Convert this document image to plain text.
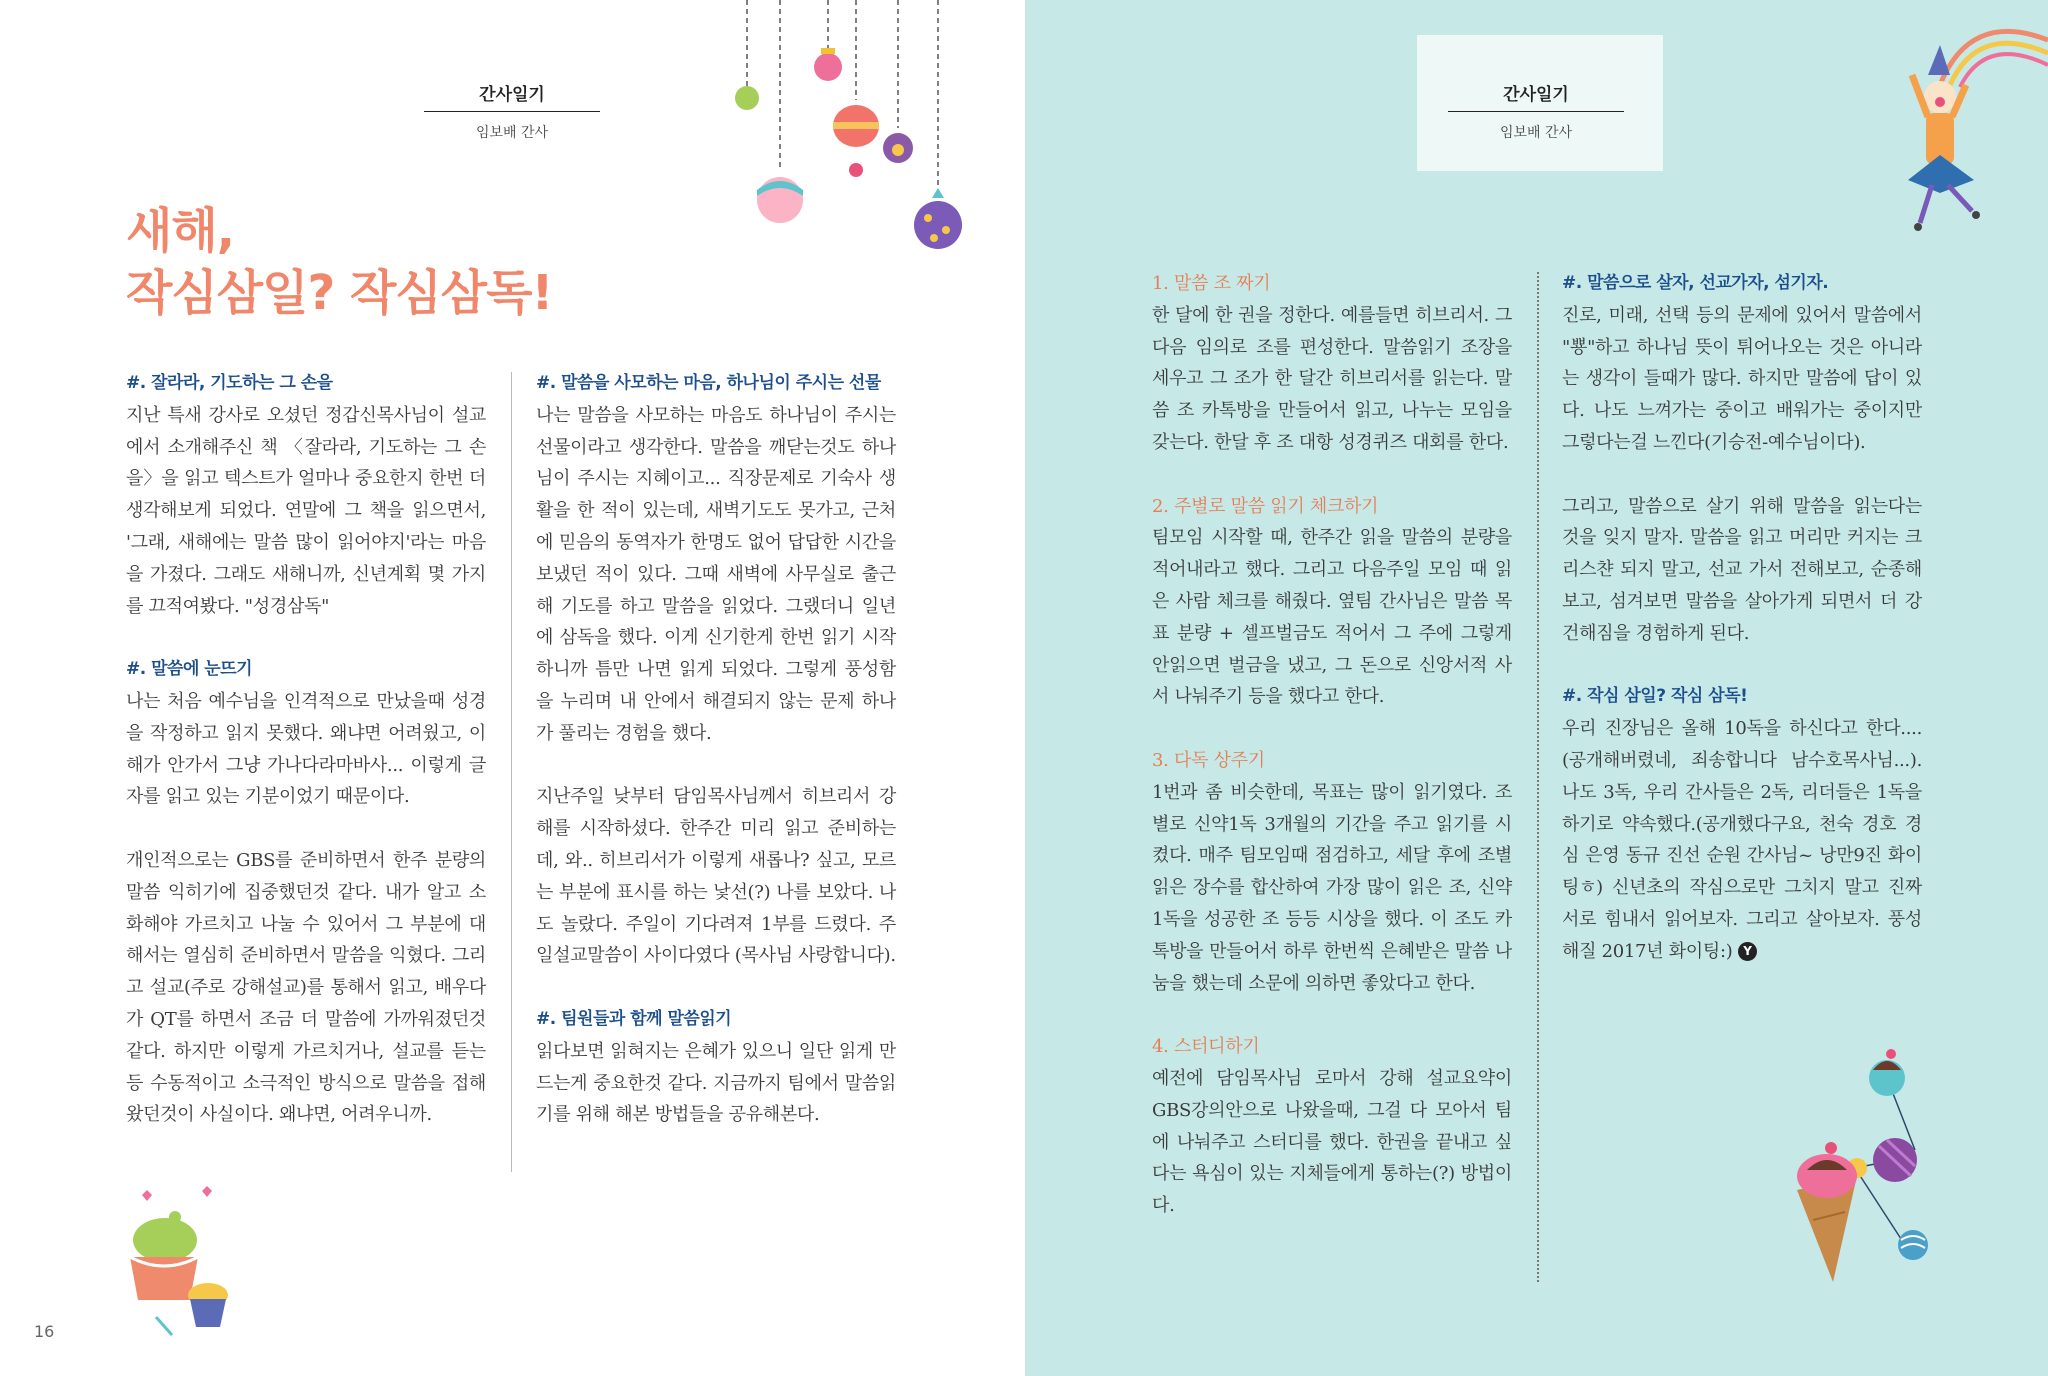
간사일기
임보배 간사
새해,
작심삼일? 작심삼독!
#. 잘라라, 기도하는 그 손을

지난 특새 강사로 오셨던 정갑신목사님이 설교에서 소개해주신 책 〈잘라라, 기도하는 그 손을〉을 읽고 텍스트가 얼마나 중요한지 한번 더 생각해보게 되었다. 연말에 그 책을 읽으면서, '그래, 새해에는 말씀 많이 읽어야지'라는 마음을 가졌다. 그래도 새해니까, 신년계획 몇 가지를 끄적여봤다. "성경삼독"

#. 말씀에 눈뜨기

나는 처음 예수님을 인격적으로 만났을때 성경을 작정하고 읽지 못했다. 왜냐면 어려웠고, 이해가 안가서 그냥 가나다라마바사... 이렇게 글자를 읽고 있는 기분이었기 때문이다.

개인적으로는 GBS를 준비하면서 한주 분량의 말씀 익히기에 집중했던것 같다. 내가 알고 소화해야 가르치고 나눌 수 있어서 그 부분에 대해서는 열심히 준비하면서 말씀을 익혔다. 그리고 설교(주로 강해설교)를 통해서 읽고, 배우다가 QT를 하면서 조금 더 말씀에 가까워졌던것 같다. 하지만 이렇게 가르치거나, 설교를 듣는 등 수동적이고 소극적인 방식으로 말씀을 접해왔던것이 사실이다. 왜냐면, 어려우니까.

#. 말씀을 사모하는 마음, 하나님이 주시는 선물

나는 말씀을 사모하는 마음도 하나님이 주시는 선물이라고 생각한다. 말씀을 깨닫는것도 하나님이 주시는 지혜이고... 직장문제로 기숙사 생활을 한 적이 있는데, 새벽기도도 못가고, 근처에 믿음의 동역자가 한명도 없어 답답한 시간을 보냈던 적이 있다. 그때 새벽에 사무실로 출근해 기도를 하고 말씀을 읽었다. 그랬더니 일년에 삼독을 했다. 이게 신기한게 한번 읽기 시작하니까 틈만 나면 읽게 되었다. 그렇게 풍성함을 누리며 내 안에서 해결되지 않는 문제 하나가 풀리는 경험을 했다.

지난주일 낮부터 담임목사님께서 히브리서 강해를 시작하셨다. 한주간 미리 읽고 준비하는데, 와.. 히브리서가 이렇게 새롭나? 싶고, 모르는 부분에 표시를 하는 낯선(?) 나를 보았다. 나도 놀랐다. 주일이 기다려져 1부를 드렸다. 주일설교말씀이 사이다였다 (목사님 사랑합니다).

#. 팀원들과 함께 말씀읽기

읽다보면 읽혀지는 은혜가 있으니 일단 읽게 만드는게 중요한것 같다. 지금까지 팀에서 말씀읽기를 위해 해본 방법들을 공유해본다.

16
간사일기
임보배 간사
1. 말씀 조 짜기

한 달에 한 권을 정한다. 예를들면 히브리서. 그 다음 임의로 조를 편성한다. 말씀읽기 조장을 세우고 그 조가 한 달간 히브리서를 읽는다. 말씀 조 카톡방을 만들어서 읽고, 나누는 모임을 갖는다. 한달 후 조 대항 성경퀴즈 대회를 한다.

2. 주별로 말씀 읽기 체크하기

팀모임 시작할 때, 한주간 읽을 말씀의 분량을 적어내라고 했다. 그리고 다음주일 모임 때 읽은 사람 체크를 해줬다. 옆팀 간사님은 말씀 목표 분량 + 셀프벌금도 적어서 그 주에 그렇게 안읽으면 벌금을 냈고, 그 돈으로 신앙서적 사서 나눠주기 등을 했다고 한다.

3. 다독 상주기

1번과 좀 비슷한데, 목표는 많이 읽기였다. 조별로 신약1독 3개월의 기간을 주고 읽기를 시켰다. 매주 팀모임때 점검하고, 세달 후에 조별 읽은 장수를 합산하여 가장 많이 읽은 조, 신약1독을 성공한 조 등등 시상을 했다. 이 조도 카톡방을 만들어서 하루 한번씩 은혜받은 말씀 나눔을 했는데 소문에 의하면 좋았다고 한다.

4. 스터디하기

예전에 담임목사님 로마서 강해 설교요약이 GBS강의안으로 나왔을때, 그걸 다 모아서 팀에 나눠주고 스터디를 했다. 한권을 끝내고 싶다는 욕심이 있는 지체들에게 통하는(?) 방법이다.

#. 말씀으로 살자, 선교가자, 섬기자.

진로, 미래, 선택 등의 문제에 있어서 말씀에서 "뿅"하고 하나님 뜻이 튀어나오는 것은 아니라는 생각이 들때가 많다. 하지만 말씀에 답이 있다. 나도 느껴가는 중이고 배워가는 중이지만 그렇다는걸 느낀다(기승전-예수님이다).

그리고, 말씀으로 살기 위해 말씀을 읽는다는 것을 잊지 말자. 말씀을 읽고 머리만 커지는 크리스챤 되지 말고, 선교 가서 전해보고, 순종해보고, 섬겨보면 말씀을 살아가게 되면서 더 강건해짐을 경험하게 된다.

#. 작심 삼일? 작심 삼독!

우리 진장님은 올해 10독을 하신다고 한다....(공개해버렸네, 죄송합니다 남수호목사님...). 나도 3독, 우리 간사들은 2독, 리더들은 1독을 하기로 약속했다.(공개했다구요, 천숙 경호 경심 은영 동규 진선 순원 간사님~ 낭만9진 화이팅ㅎ) 신년초의 작심으로만 그치지 말고 진짜 서로 힘내서 읽어보자. 그리고 살아보자. 풍성해질 2017년 화이팅:) Y
